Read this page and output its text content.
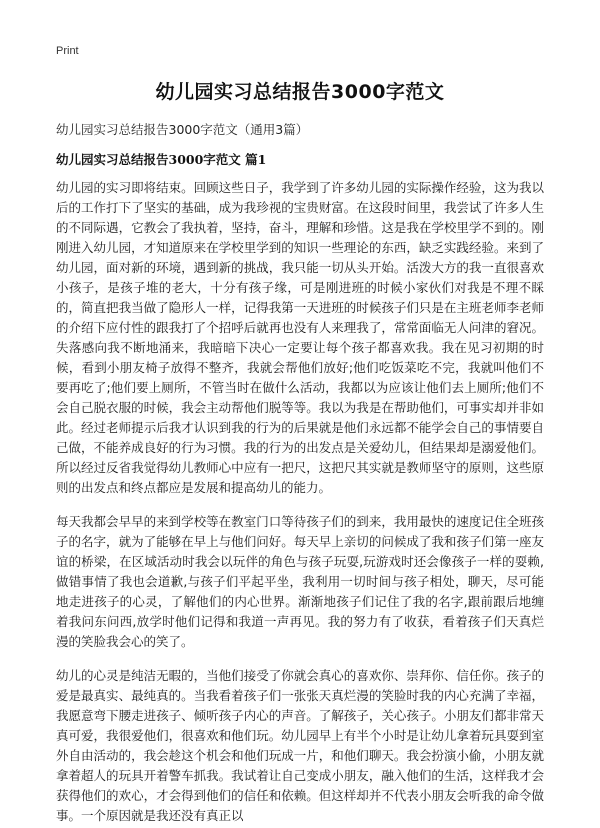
Print
幼儿园实习总结报告3000字范文
幼儿园实习总结报告3000字范文（通用3篇）
幼儿园实习总结报告3000字范文 篇1

幼儿园的实习即将结束。回顾这些日子，我学到了许多幼儿园的实际操作经验，这为我以后的工作打下了坚实的基础，成为我珍视的宝贵财富。在这段时间里，我尝试了许多人生的不同际遇，它教会了我执着，坚持，奋斗，理解和珍惜。这是我在学校里学不到的。刚刚进入幼儿园，才知道原来在学校里学到的知识一些理论的东西，缺乏实践经验。来到了幼儿园，面对新的环境，遇到新的挑战，我只能一切从头开始。活泼大方的我一直很喜欢小孩子，是孩子堆的老大，十分有孩子缘，可是刚进班的时候小家伙们对我是不理不睬的，简直把我当做了隐形人一样，记得我第一天进班的时候孩子们只是在主班老师李老师的介绍下应付性的跟我打了个招呼后就再也没有人来理我了，常常面临无人问津的窘况。失落感向我不断地涌来，我暗暗下决心一定要让每个孩子都喜欢我。我在见习初期的时候，看到小朋友椅子放得不整齐，我就会帮他们放好;他们吃饭菜吃不完，我就叫他们不要再吃了;他们要上厕所，不管当时在做什么活动，我都以为应该让他们去上厕所;他们不会自己脱衣服的时候，我会主动帮他们脱等等。我以为我是在帮助他们，可事实却并非如此。经过老师提示后我才认识到我的行为的后果就是他们永远都不能学会自己的事情要自己做，不能养成良好的行为习惯。我的行为的出发点是关爱幼儿，但结果却是溺爱他们。所以经过反省我觉得幼儿教师心中应有一把尺，这把尺其实就是教师坚守的原则，这些原则的出发点和终点都应是发展和提高幼儿的能力。

每天我都会早早的来到学校等在教室门口等待孩子们的到来，我用最快的速度记住全班孩子的名字，就为了能够在早上与他们问好。每天早上亲切的问候成了我和孩子们第一座友谊的桥梁，在区域活动时我会以玩伴的角色与孩子玩耍,玩游戏时还会像孩子一样的耍赖,做错事情了我也会道歉,与孩子们平起平坐，我利用一切时间与孩子相处，聊天，尽可能地走进孩子的心灵，了解他们的内心世界。渐渐地孩子们记住了我的名字,跟前跟后地缠着我问东问西,放学时他们记得和我道一声再见。我的努力有了收获，看着孩子们天真烂漫的笑脸我会心的笑了。

幼儿的心灵是纯洁无暇的，当他们接受了你就会真心的喜欢你、崇拜你、信任你。孩子的爱是最真实、最纯真的。当我看着孩子们一张张天真烂漫的笑脸时我的内心充满了幸福，我愿意弯下腰走进孩子、倾听孩子内心的声音。了解孩子，关心孩子。小朋友们都非常天真可爱，我很爱他们，很喜欢和他们玩。幼儿园早上有半个小时是让幼儿拿着玩具耍到室外自由活动的，我会趁这个机会和他们玩成一片，和他们聊天。我会扮演小偷，小朋友就拿着超人的玩具开着警车抓我。我试着让自己变成小朋友，融入他们的生活，这样我才会获得他们的欢心，才会得到他们的信任和依赖。但这样却并不代表小朋友会听我的命令做事。一个原因就是我还没有真正以
